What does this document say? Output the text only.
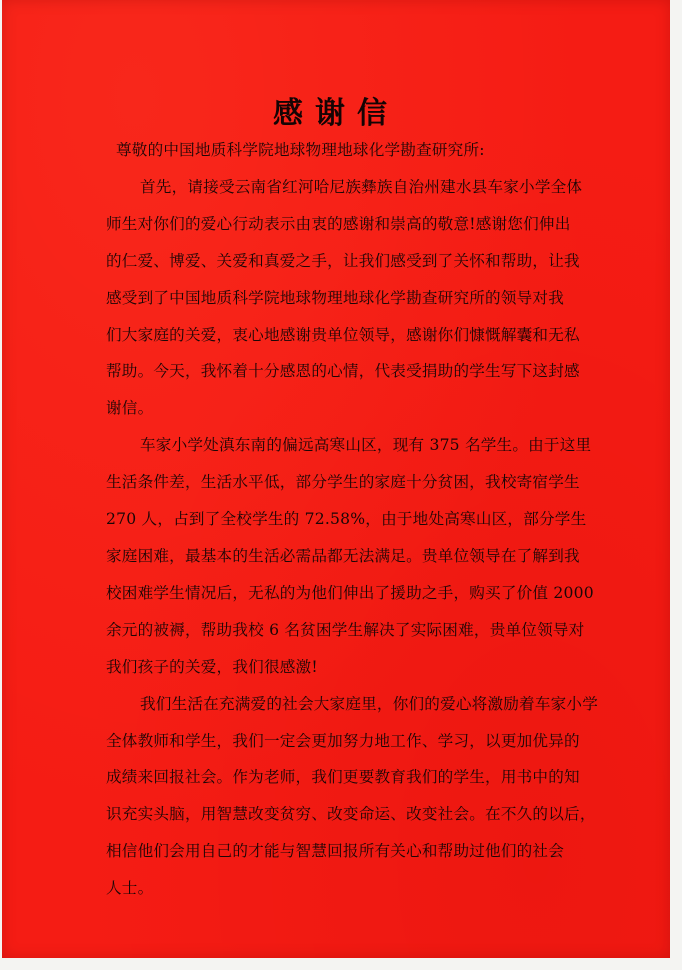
感谢信

尊敬的中国地质科学院地球物理地球化学勘查研究所:

首先，请接受云南省红河哈尼族彝族自治州建水县车家小学全体
师生对你们的爱心行动表示由衷的感谢和崇高的敬意!感谢您们伸出
的仁爱、博爱、关爱和真爱之手，让我们感受到了关怀和帮助，让我
感受到了中国地质科学院地球物理地球化学勘查研究所的领导对我
们大家庭的关爱，衷心地感谢贵单位领导，感谢你们慷慨解囊和无私
帮助。今天，我怀着十分感恩的心情，代表受捐助的学生写下这封感
谢信。

车家小学处滇东南的偏远高寒山区，现有 375 名学生。由于这里
生活条件差，生活水平低，部分学生的家庭十分贫困，我校寄宿学生
270 人，占到了全校学生的 72.58%，由于地处高寒山区，部分学生
家庭困难，最基本的生活必需品都无法满足。贵单位领导在了解到我
校困难学生情况后，无私的为他们伸出了援助之手，购买了价值 2000
余元的被褥，帮助我校 6 名贫困学生解决了实际困难，贵单位领导对
我们孩子的关爱，我们很感激!

我们生活在充满爱的社会大家庭里，你们的爱心将激励着车家小学
全体教师和学生，我们一定会更加努力地工作、学习，以更加优异的
成绩来回报社会。作为老师，我们更要教育我们的学生，用书中的知
识充实头脑，用智慧改变贫穷、改变命运、改变社会。在不久的以后，
相信他们会用自己的才能与智慧回报所有关心和帮助过他们的社会
人士。
